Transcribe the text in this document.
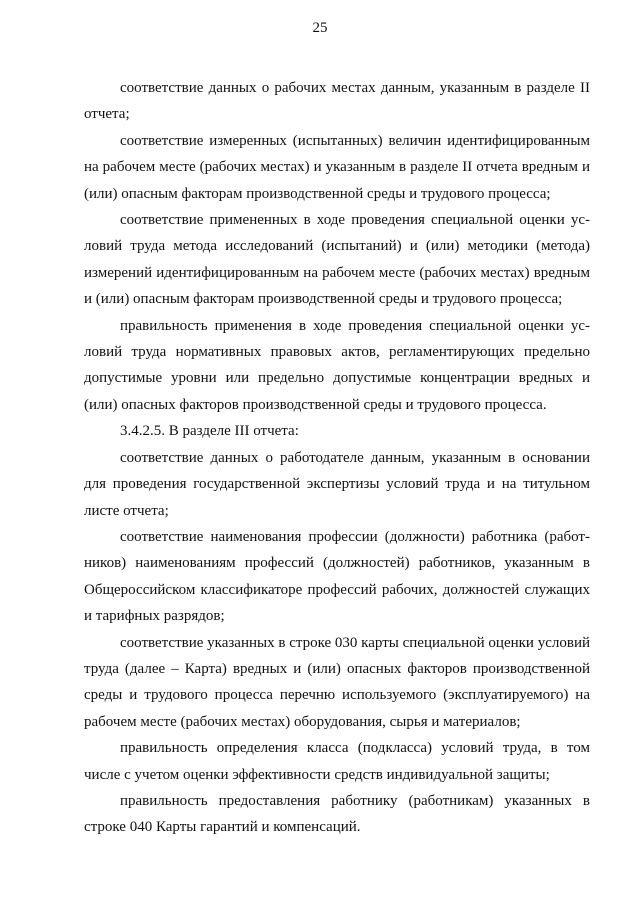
25

соответствие данных о рабочих местах данным, указанным в разделе II отчета;

соответствие измеренных (испытанных) величин идентифицированным на рабочем месте (рабочих местах) и указанным в разделе II отчета вредным и (или) опасным факторам производственной среды и трудового процесса;

соответствие примененных в ходе проведения специальной оценки условий труда метода исследований (испытаний) и (или) методики (метода) измерений идентифицированным на рабочем месте (рабочих местах) вредным и (или) опасным факторам производственной среды и трудового процесса;

правильность применения в ходе проведения специальной оценки условий труда нормативных правовых актов, регламентирующих предельно допустимые уровни или предельно допустимые концентрации вредных и (или) опасных факторов производственной среды и трудового процесса.

3.4.2.5. В разделе III отчета:

соответствие данных о работодателе данным, указанным в основании для проведения государственной экспертизы условий труда и на титульном листе отчета;

соответствие наименования профессии (должности) работника (работников) наименованиям профессий (должностей) работников, указанным в Общероссийском классификаторе профессий рабочих, должностей служащих и тарифных разрядов;

соответствие указанных в строке 030 карты специальной оценки условий труда (далее – Карта) вредных и (или) опасных факторов производственной среды и трудового процесса перечню используемого (эксплуатируемого) на рабочем месте (рабочих местах) оборудования, сырья и материалов;

правильность определения класса (подкласса) условий труда, в том числе с учетом оценки эффективности средств индивидуальной защиты;

правильность предоставления работнику (работникам) указанных в строке 040 Карты гарантий и компенсаций.
